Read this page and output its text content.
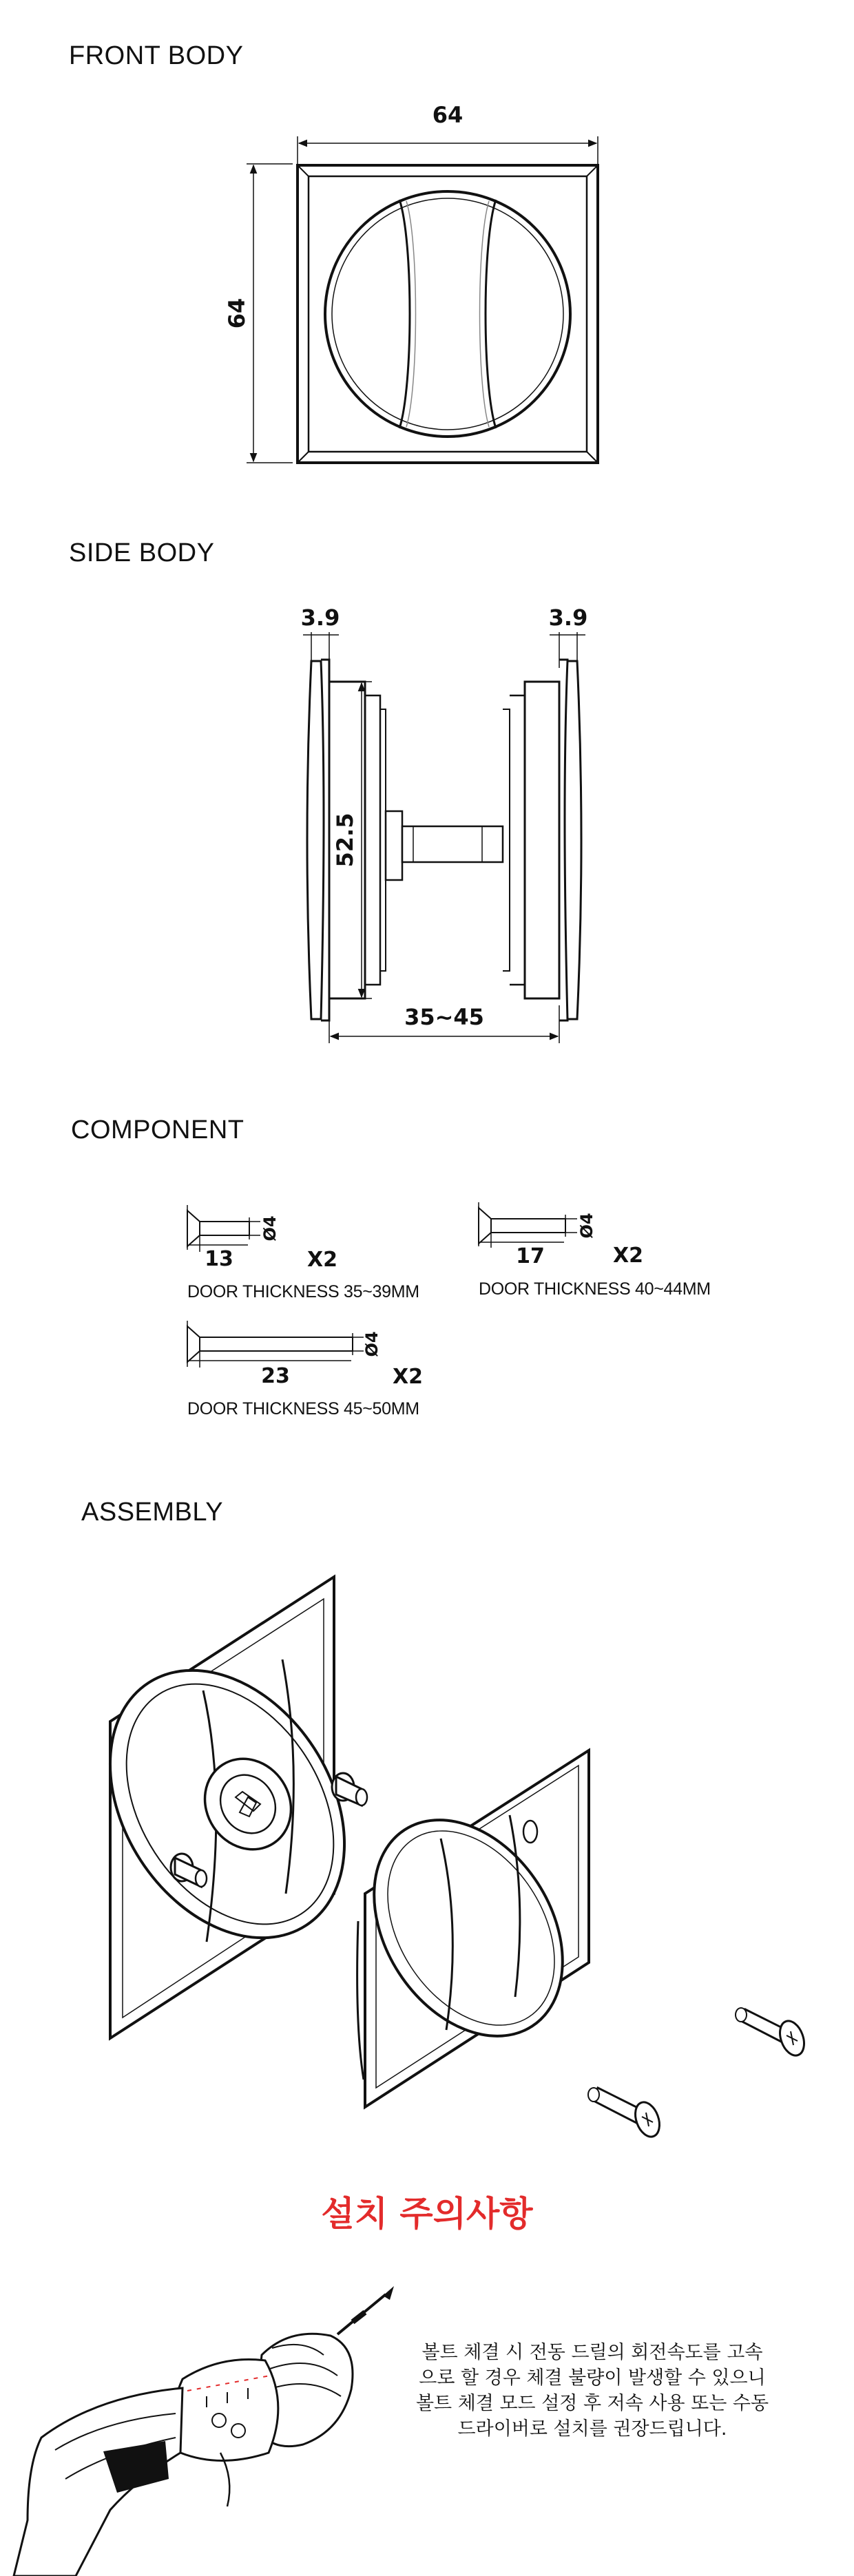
FRONT BODY
64
64
SIDE BODY
3.9	3.9
52.5
35~45
COMPONENT
13
Ø4
17
Ø4
23
Ø4
X2
DOOR THICKNESS 35~39MM
X2
DOOR THICKNESS 40~44MM
X2
DOOR THICKNESS 45~50MM
ASSEMBLY
설치 주의사항

볼트 체결 시 전동 드릴의 회전속도를 고속
으로 할 경우 체결 불량이 발생할 수 있으니
볼트 체결 모드 설정 후 저속 사용 또는 수동
드라이버로 설치를 권장드립니다.
